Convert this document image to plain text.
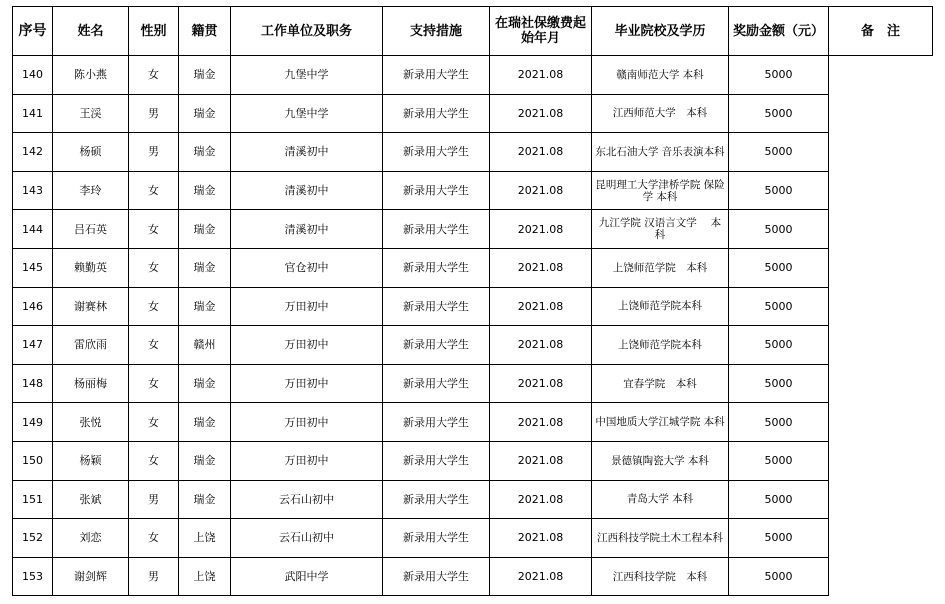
序号	姓名	性别	籍贯	工作单位及职务	支持措施	在瑞社保缴费起始年月	毕业院校及学历	奖励金额（元）	备　注
140	陈小燕	女	瑞金	九堡中学	新录用大学生	2021.08	赣南师范大学 本科	5000	
141	王渓	男	瑞金	九堡中学	新录用大学生	2021.08	江西师范大学　本科	5000	
142	杨硕	男	瑞金	清溪初中	新录用大学生	2021.08	东北石油大学 音乐表演本科	5000	
143	李玲	女	瑞金	清溪初中	新录用大学生	2021.08	昆明理工大学津桥学院 保险学 本科	5000	
144	吕石英	女	瑞金	清溪初中	新录用大学生	2021.08	九江学院 汉语言文学　 本科	5000	
145	赖勤英	女	瑞金	官仓初中	新录用大学生	2021.08	上饶师范学院　本科	5000	
146	谢赛林	女	瑞金	万田初中	新录用大学生	2021.08	上饶师范学院本科	5000	
147	雷欣雨	女	赣州	万田初中	新录用大学生	2021.08	上饶师范学院本科	5000	
148	杨丽梅	女	瑞金	万田初中	新录用大学生	2021.08	宜春学院　本科	5000	
149	张悦	女	瑞金	万田初中	新录用大学生	2021.08	中国地质大学江城学院 本科	5000	
150	杨颖	女	瑞金	万田初中	新录用大学生	2021.08	景德镇陶瓷大学 本科	5000	
151	张斌	男	瑞金	云石山初中	新录用大学生	2021.08	青岛大学 本科	5000	
152	刘恋	女	上饶	云石山初中	新录用大学生	2021.08	江西科技学院土木工程本科	5000	
153	谢剑辉	男	上饶	武阳中学	新录用大学生	2021.08	江西科技学院　本科	5000	
